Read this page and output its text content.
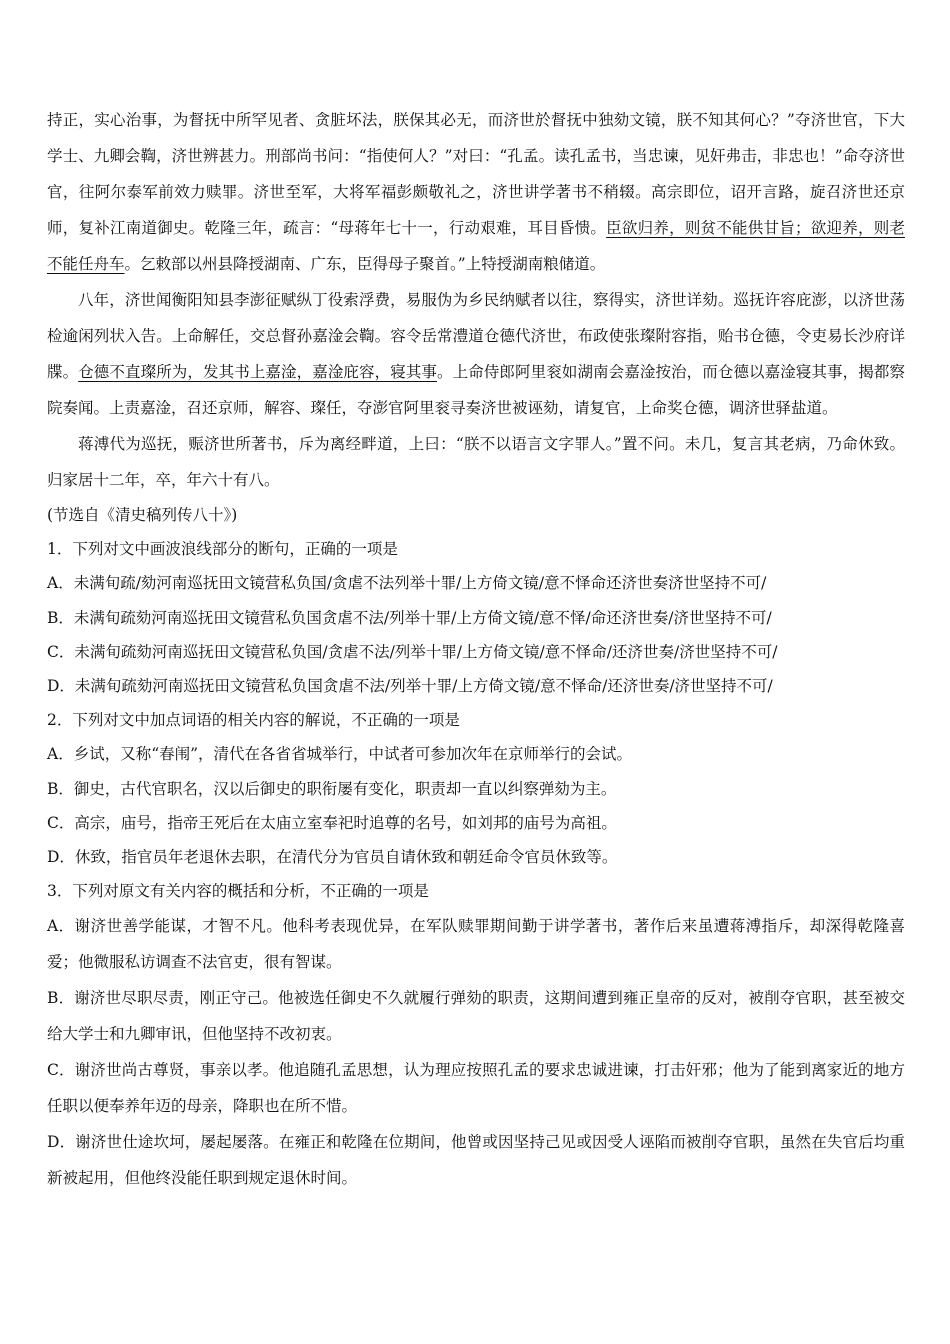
持正，实心治事，为督抚中所罕见者、贪脏坏法，朕保其必无，而济世於督抚中独劾文镜，朕不知其何心？”夺济世官，下大学士、九卿会鞫，济世辨甚力。刑部尚书问：“指使何人？”对曰：“孔孟。读孔孟书，当忠谏，见奸弗击，非忠也！”命夺济世官，往阿尔泰军前效力赎罪。济世至军，大将军福彭颇敬礼之，济世讲学著书不稍辍。高宗即位，诏开言路，旋召济世还京师，复补江南道御史。乾隆三年，疏言：“母蒋年七十一，行动艰难，耳目昏愦。臣欲归养，则贫不能供甘旨；欲迎养，则老不能任舟车。乞敕部以州县降授湖南、广东，臣得母子聚首。”上特授湖南粮储道。

八年，济世闻衡阳知县李澎征赋纵丁役索浮费，易服伪为乡民纳赋者以往，察得实，济世详劾。巡抚许容庇澎，以济世荡检逾闲列状入告。上命解任，交总督孙嘉淦会鞫。容令岳常澧道仓德代济世，布政使张璨附容指，贻书仓德，令吏易长沙府详牒。仓德不直璨所为，发其书上嘉淦，嘉淦庇容，寝其事。上命侍郎阿里衮如湖南会嘉淦按治，而仓德以嘉淦寝其事，揭都察院奏闻。上责嘉淦，召还京师，解容、璨任，夺澎官阿里衮寻奏济世被诬劾，请复官，上命奖仓德，调济世驿盐道。

蒋溥代为巡抚，赈济世所著书，斥为离经畔道，上曰：“朕不以语言文字罪人。”置不问。未几，复言其老病，乃命休致。归家居十二年，卒，年六十有八。

(节选自《清史稿列传八十》)

1．下列对文中画波浪线部分的断句，正确的一项是

A．未满旬疏/劾河南巡抚田文镜营私负国/贪虐不法列举十罪/上方倚文镜/意不怿命还济世奏济世坚持不可/

B．未满旬疏劾河南巡抚田文镜营私负国贪虐不法/列举十罪/上方倚文镜/意不怿/命还济世奏/济世坚持不可/

C．未满旬疏劾河南巡抚田文镜营私负国/贪虐不法/列举十罪/上方倚文镜/意不怿命/还济世奏/济世坚持不可/

D．未满旬疏劾河南巡抚田文镜营私负国贪虐不法/列举十罪/上方倚文镜/意不怿命/还济世奏/济世坚持不可/

2．下列对文中加点词语的相关内容的解说，不正确的一项是

A．乡试，又称“春闱”，清代在各省省城举行，中试者可参加次年在京师举行的会试。

B．御史，古代官职名，汉以后御史的职衔屡有变化，职责却一直以纠察弹劾为主。

C．高宗，庙号，指帝王死后在太庙立室奉祀时追尊的名号，如刘邦的庙号为高祖。

D．休致，指官员年老退休去职，在清代分为官员自请休致和朝廷命令官员休致等。

3．下列对原文有关内容的概括和分析，不正确的一项是

A．谢济世善学能谋，才智不凡。他科考表现优异，在军队赎罪期间勤于讲学著书，著作后来虽遭蒋溥指斥，却深得乾隆喜爱；他微服私访调查不法官吏，很有智谋。

B．谢济世尽职尽责，刚正守己。他被选任御史不久就履行弹劾的职责，这期间遭到雍正皇帝的反对，被削夺官职，甚至被交给大学士和九卿审讯，但他坚持不改初衷。

C．谢济世尚古尊贤，事亲以孝。他追随孔孟思想，认为理应按照孔孟的要求忠诚进谏，打击奸邪；他为了能到离家近的地方任职以便奉养年迈的母亲，降职也在所不惜。

D．谢济世仕途坎坷，屡起屡落。在雍正和乾隆在位期间，他曾或因坚持己见或因受人诬陷而被削夺官职，虽然在失官后均重新被起用，但他终没能任职到规定退休时间。
